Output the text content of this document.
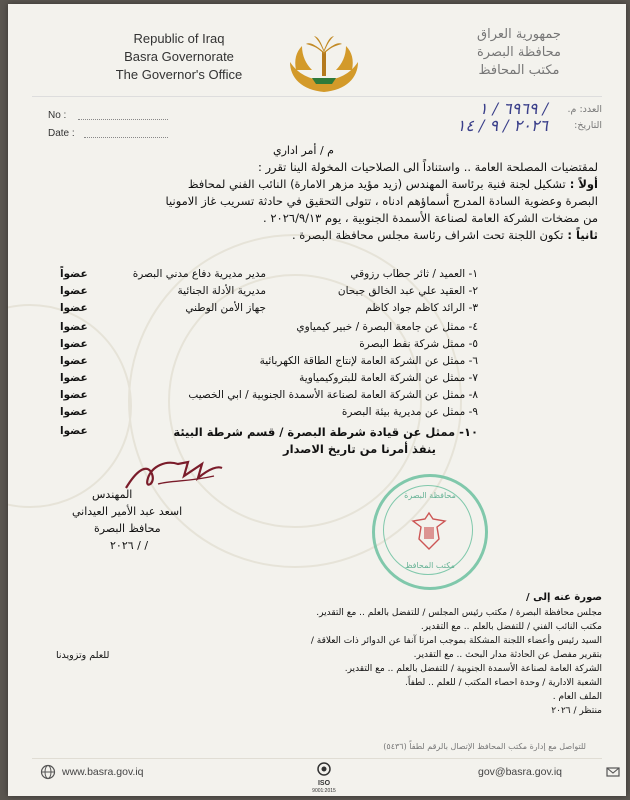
Republic of Iraq
Basra Governorate
The Governor's Office
جمهورية العراق
محافظة البصرة
مكتب المحافظ
No :
Date :
العدد: م.
٦٩٦٩ / ١ /
التاريخ:
٢٠٢٦ / ٩ / ١٤
م / أمر اداري
لمقتضيات المصلحة العامة .. واستناداً الى الصلاحيات المخولة الينا تقرر :
أولاً : تشكيل لجنة فنية برئاسة المهندس (زيد مؤيد مزهر الامارة) النائب الفني لمحافظ
البصرة وعضوية السادة المدرج أسماؤهم ادناه ، تتولى التحقيق في حادثة تسريب غاز الامونيا
من مضخات الشركة العامة لصناعة الأسمدة الجنوبية ، يوم ٢٠٢٦/٩/١٣ .
ثانياً : تكون اللجنة تحت اشراف رئاسة مجلس محافظة البصرة .
١- العميد / ثائر حطاب رزوقي
مدير مديرية دفاع مدني البصرة
عضواً
٢- العقيد علي عبد الخالق جبحان
مديرية الأدلة الجنائية
عضوا
٣- الرائد كاظم جواد كاظم
جهاز الأمن الوطني
عضوا
٤- ممثل عن جامعة البصرة / خبير كيمياوي
عضوا
٥- ممثل شركة نفط البصرة
عضوا
٦- ممثل عن الشركة العامة لإنتاج الطاقة الكهربائية
عضوا
٧- ممثل عن الشركة العامة للبتروكيمياوية
عضوا
٨- ممثل عن الشركة العامة لصناعة الأسمدة الجنوبية / ابي الخصيب
عضوا
٩- ممثل عن مديرية بيئة البصرة
عضوا
١٠- ممثل عن قيادة شرطة البصرة / قسم شرطة البيئة
عضوا
ينفذ أمرنا من تاريخ الاصدار
المهندس
اسعد عبد الأمير العيداني
محافظ البصرة
/ / ٢٠٢٦
محافظة البصرة
مكتب المحافظ
صورة عنه إلى /
مجلس محافظة البصرة / مكتب رئيس المجلس / للتفضل بالعلم .. مع التقدير.
مكتب النائب الفني / للتفضل بالعلم .. مع التقدير.
السيد رئيس وأعضاء اللجنة المشكلة بموجب امرنا آنفا عن الدوائر ذات العلاقة /
بتقرير مفصل عن الحادثة مدار البحث .. مع التقدير.
الشركة العامة لصناعة الأسمدة الجنوبية / للتفضل بالعلم .. مع التقدير.
الشعبة الادارية / وحدة احصاء المكتب / للعلم .. لطفاً.
الملف العام .
منتظر / ٢٠٢٦
للعلم وتزويدنا
للتواصل مع إدارة مكتب المحافظ الإتصال بالرقم لطفاً (٥٤٣٦)
www.basra.gov.iq
ISO
9001:2015
gov@basra.gov.iq
